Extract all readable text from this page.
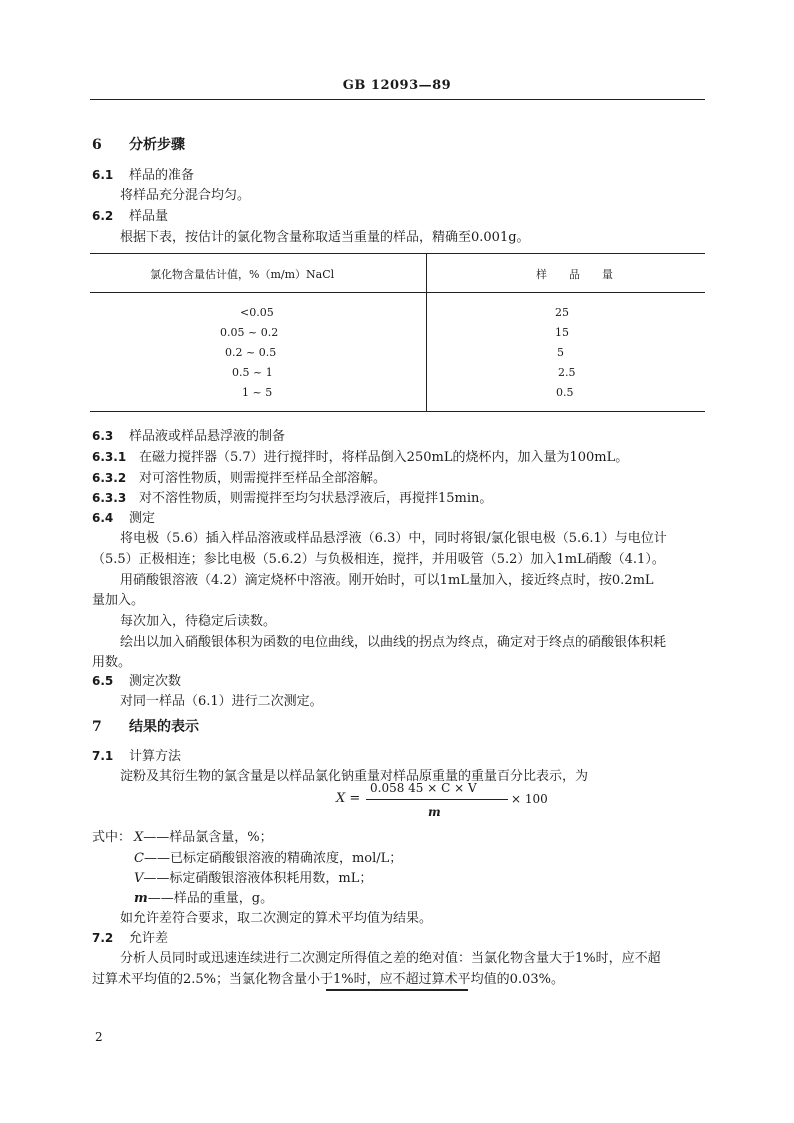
GB 12093—89
6 分析步骤
6.1 样品的准备
将样品充分混合均匀。
6.2 样品量
根据下表，按估计的氯化物含量称取适当重量的样品，精确至0.001g。
氯化物含量估计值，%（m/m）NaCl	样　　品　　量
<0.05	25
0.05 ~ 0.2	15
0.2 ~ 0.5	5
0.5 ~ 1	2.5
1 ~ 5	0.5
6.3 样品液或样品悬浮液的制备
6.3.1 在磁力搅拌器（5.7）进行搅拌时，将样品倒入250mL的烧杯内，加入量为100mL。
6.3.2 对可溶性物质，则需搅拌至样品全部溶解。
6.3.3 对不溶性物质，则需搅拌至均匀状悬浮液后，再搅拌15min。
6.4 测定
将电极（5.6）插入样品溶液或样品悬浮液（6.3）中，同时将银/氯化银电极（5.6.1）与电位计
（5.5）正极相连；参比电极（5.6.2）与负极相连，搅拌，并用吸管（5.2）加入1mL硝酸（4.1）。
用硝酸银溶液（4.2）滴定烧杯中溶液。刚开始时，可以1mL量加入，接近终点时，按0.2mL
量加入。
每次加入，待稳定后读数。
绘出以加入硝酸银体积为函数的电位曲线，以曲线的拐点为终点，确定对于终点的硝酸银体积耗
用数。
6.5 测定次数
对同一样品（6.1）进行二次测定。
7 结果的表示
7.1 计算方法
淀粉及其衍生物的氯含量是以样品氯化钠重量对样品原重量的重量百分比表示，为
X =
0.058 45 × C × V
m
× 100
式中： X——样品氯含量，%；
C——已标定硝酸银溶液的精确浓度，mol/L；
V——标定硝酸银溶液体积耗用数，mL；
m——样品的重量，g。
如允许差符合要求，取二次测定的算术平均值为结果。
7.2 允许差
分析人员同时或迅速连续进行二次测定所得值之差的绝对值：当氯化物含量大于1%时，应不超
过算术平均值的2.5%；当氯化物含量小于1%时，应不超过算术平均值的0.03%。
2
